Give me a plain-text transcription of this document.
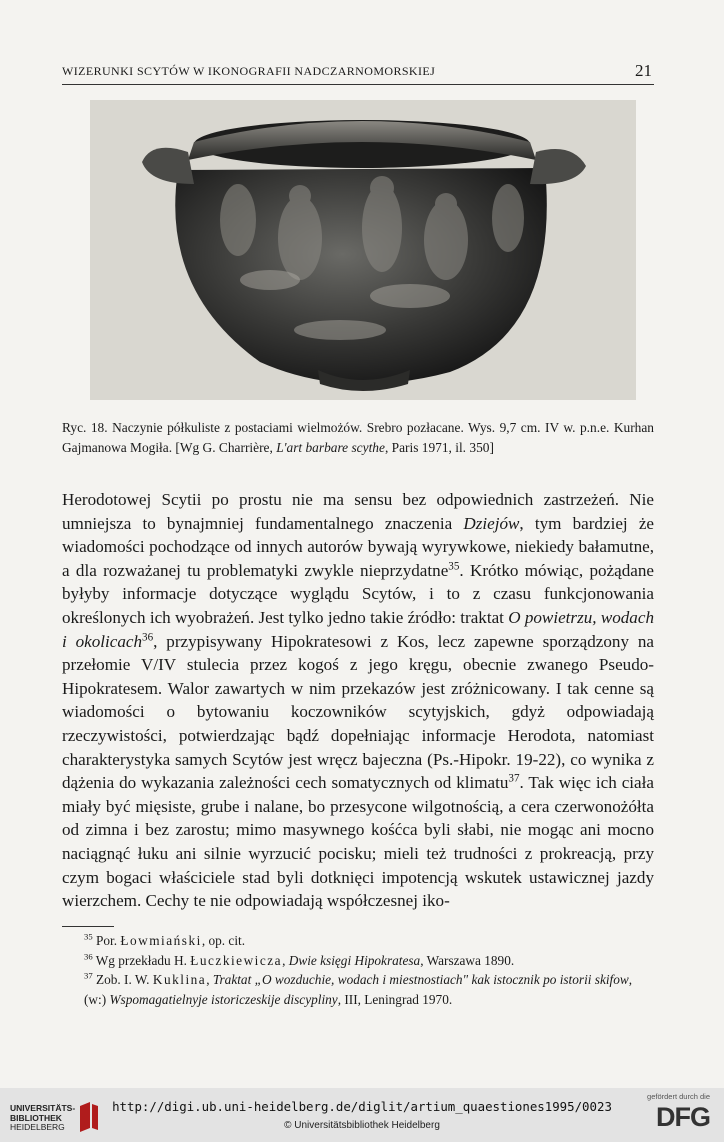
WIZERUNKI SCYTÓW W IKONOGRAFII NADCZARNOMORSKIEJ	21

Ryc. 18. Naczynie półkuliste z postaciami wielmożów. Srebro pozłacane. Wys. 9,7 cm. IV w. p.n.e. Kurhan Gajmanowa Mogiła. [Wg G. Charrière, L'art barbare scythe, Paris 1971, il. 350]

Herodotowej Scytii po prostu nie ma sensu bez odpowiednich zastrzeżeń. Nie umniejsza to bynajmniej fundamentalnego znaczenia Dziejów, tym bardziej że wiadomości pochodzące od innych autorów bywają wyrywkowe, niekiedy bałamutne, a dla rozważanej tu problematyki zwykle nieprzydatne$^{35}$. Krótko mówiąc, pożądane byłyby informacje dotyczące wyglądu Scytów, i to z czasu funkcjonowania określonych ich wyobrażeń. Jest tylko jedno takie źródło: traktat O powietrzu, wodach i okolicach$^{36}$, przypisywany Hipokratesowi z Kos, lecz zapewne sporządzony na przełomie V/IV stulecia przez kogoś z jego kręgu, obecnie zwanego Pseudo-Hipokratesem. Walor zawartych w nim przekazów jest zróżnicowany. I tak cenne są wiadomości o bytowaniu koczowników scytyjskich, gdyż odpowiadają rzeczywistości, potwierdzając bądź dopełniając informacje Herodota, natomiast charakterystyka samych Scytów jest wręcz bajeczna (Ps.-Hipokr. 19-22), co wynika z dążenia do wykazania zależności cech somatycznych od klimatu$^{37}$. Tak więc ich ciała miały być mięsiste, grube i nalane, bo przesycone wilgotnością, a cera czerwonożółta od zimna i bez zarostu; mimo masywnego kośćca byli słabi, nie mogąc ani mocno naciągnąć łuku ani silnie wyrzucić pocisku; mieli też trudności z prokreacją, przy czym bogaci właściciele stad byli dotknięci impotencją wskutek ustawicznej jazdy wierzchem. Cechy te nie odpowiadają współczesnej iko-

$^{35}$ Por. Łowmiański, op. cit.

$^{36}$ Wg przekładu H. Łuczkiewicza, Dwie księgi Hipokratesa, Warszawa 1890.

$^{37}$ Zob. I. W. Kuklina, Traktat „O wozduchie, wodach i miestnostiach" kak istocznik po istorii skifow, (w:) Wspomagatielnyje istoriczeskije discypliny, III, Leningrad 1970.

UNIVERSITÄTS-
BIBLIOTHEK
HEIDELBERG
http://digi.ub.uni-heidelberg.de/diglit/artium_quaestiones1995/0023
© Universitätsbibliothek Heidelberg
gefördert durch die
DFG
